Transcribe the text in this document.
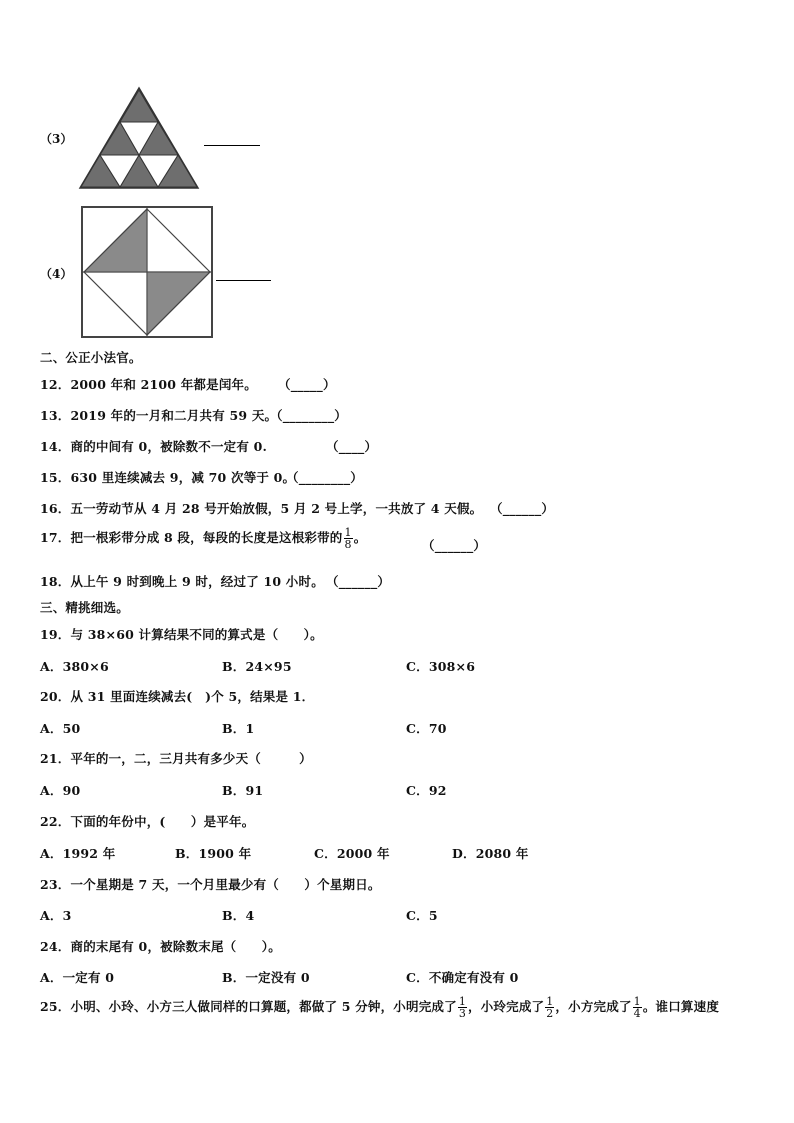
（3）
（4）
二、公正小法官。
12．2000 年和 2100 年都是闰年。 （_____）
13．2019 年的一月和二月共有 59 天。
（________）
14．商的中间有 0，被除数不一定有 0.	（____）
15．630 里连续减去 9，减 70 次等于 0。
（________）
16．五一劳动节从 4 月 28 号开始放假，5 月 2 号上学，一共放了 4 天假。 （______）
17．把一根彩带分成 8 段，每段的长度是这根彩带的 $\frac{1}{8}$ 。
（______）
18．从上午 9 时到晚上 9 时，经过了 10 小时。 （______）
三、精挑细选。
19．与 38×60 计算结果不同的算式是（　　）。
A．380×6	B．24×95	C．308×6
20．从 31 里面连续减去(　)个 5，结果是 1．
A．50	B．1	C．70
21．平年的一，二，三月共有多少天（　　　）
A．90	B．91	C．92
22．下面的年份中，(　　）是平年。
A．1992 年	B．1900 年	C．2000 年	D．2080 年
23．一个星期是 7 天，一个月里最少有（　　）个星期日。
A．3	B．4	C．5
24．商的末尾有 0，被除数末尾（　　）。
A．一定有 0	B．一定没有 0	C．不确定有没有 0
25．小明、小玲、小方三人做同样的口算题，都做了 5 分钟，小明完成了 $\frac{1}{3}$ ，小玲完成了 $\frac{1}{2}$ ，小方完成了 $\frac{1}{4}$ 。谁口算速度
